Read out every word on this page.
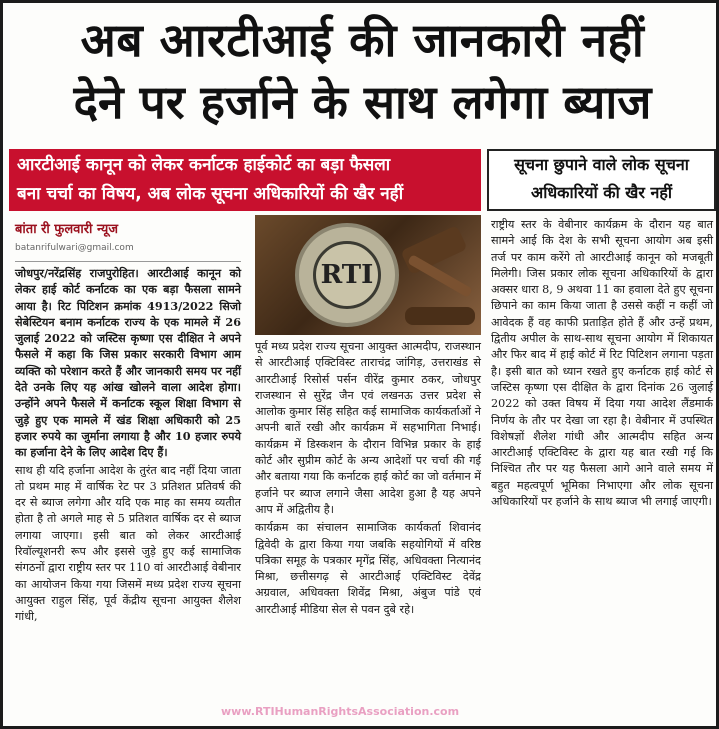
अब आरटीआई की जानकारी नहीं
देने पर हर्जाने के साथ लगेगा ब्याज
आरटीआई कानून को लेकर कर्नाटक हाईकोर्ट का बड़ा फैसला
बना चर्चा का विषय, अब लोक सूचना अधिकारियों की खैर नहीं
सूचना छुपाने वाले लोक सूचना
अधिकारियों की खैर नहीं
बांता री फुलवारी न्यूज
batanrifulwari@gmail.com

जोधपुर/नरेंद्रसिंह राजपुरोहित। आरटीआई कानून को लेकर हाई कोर्ट कर्नाटक का एक बड़ा फैसला सामने आया है। रिट पिटिशन क्रमांक 4913/2022 सिजो सेबेस्टियन बनाम कर्नाटक राज्य के एक मामले में 26 जुलाई 2022 को जस्टिस कृष्णा एस दीक्षित ने अपने फैसले में कहा कि जिस प्रकार सरकारी विभाग आम व्यक्ति को परेशान करते हैं और जानकारी समय पर नहीं देते उनके लिए यह आंख खोलने वाला आदेश होगा। उन्होंने अपने फैसले में कर्नाटक स्कूल शिक्षा विभाग से जुड़े हुए एक मामले में खंड शिक्षा अधिकारी को 25 हजार रुपये का जुर्माना लगाया है और 10 हजार रुपये का हर्जाना देने के लिए आदेश दिए हैं।

साथ ही यदि हर्जाना आदेश के तुरंत बाद नहीं दिया जाता तो प्रथम माह में वार्षिक रेट पर 3 प्रतिशत प्रतिवर्ष की दर से ब्याज लगेगा और यदि एक माह का समय व्यतीत होता है तो अगले माह से 5 प्रतिशत वार्षिक दर से ब्याज लगाया जाएगा। इसी बात को लेकर आरटीआई रिवॉल्यूशनरी रूप और इससे जुड़े हुए कई सामाजिक संगठनों द्वारा राष्ट्रीय स्तर पर 110 वां आरटीआई वेबीनार का आयोजन किया गया जिसमें मध्य प्रदेश राज्य सूचना आयुक्त राहुल सिंह, पूर्व केंद्रीय सूचना आयुक्त शैलेश गांधी,

RTI

पूर्व मध्य प्रदेश राज्य सूचना आयुक्त आत्मदीप, राजस्थान से आरटीआई एक्टिविस्ट ताराचंद्र जांगिड़, उत्तराखंड से आरटीआई रिसोर्स पर्सन वीरेंद्र कुमार ठकर, जोधपुर राजस्थान से सुरेंद्र जैन एवं लखनऊ उत्तर प्रदेश से आलोक कुमार सिंह सहित कई सामाजिक कार्यकर्ताओं ने अपनी बातें रखी और कार्यक्रम में सहभागिता निभाई। कार्यक्रम में डिस्कशन के दौरान विभिन्न प्रकार के हाई कोर्ट और सुप्रीम कोर्ट के अन्य आदेशों पर चर्चा की गई और बताया गया कि कर्नाटक हाई कोर्ट का जो वर्तमान में हर्जाने पर ब्याज लगाने जैसा आदेश हुआ है यह अपने आप में अद्वितीय है।

कार्यक्रम का संचालन सामाजिक कार्यकर्ता शिवानंद द्विवेदी के द्वारा किया गया जबकि सहयोगियों में वरिष्ठ पत्रिका समूह के पत्रकार मृगेंद्र सिंह, अधिवक्ता नित्यानंद मिश्रा, छत्तीसगढ़ से आरटीआई एक्टिविस्ट देवेंद्र अग्रवाल, अधिवक्ता शिवेंद्र मिश्रा, अंबुज पांडे एवं आरटीआई मीडिया सेल से पवन दुबे रहे।

राष्ट्रीय स्तर के वेबीनार कार्यक्रम के दौरान यह बात सामने आई कि देश के सभी सूचना आयोग अब इसी तर्ज पर काम करेंगे तो आरटीआई कानून को मजबूती मिलेगी। जिस प्रकार लोक सूचना अधिकारियों के द्वारा अक्सर धारा 8, 9 अथवा 11 का हवाला देते हुए सूचना छिपाने का काम किया जाता है उससे कहीं न कहीं जो आवेदक हैं वह काफी प्रताड़ित होते हैं और उन्हें प्रथम, द्वितीय अपील के साथ-साथ सूचना आयोग में शिकायत और फिर बाद में हाई कोर्ट में रिट पिटिशन लगाना पड़ता है। इसी बात को ध्यान रखते हुए कर्नाटक हाई कोर्ट से जस्टिस कृष्णा एस दीक्षित के द्वारा दिनांक 26 जुलाई 2022 को उक्त विषय में दिया गया आदेश लैंडमार्क निर्णय के तौर पर देखा जा रहा है। वेबीनार में उपस्थित विशेषज्ञों शैलेश गांधी और आत्मदीप सहित अन्य आरटीआई एक्टिविस्ट के द्वारा यह बात रखी गई कि निश्चित तौर पर यह फैसला आगे आने वाले समय में बहुत महत्वपूर्ण भूमिका निभाएगा और लोक सूचना अधिकारियों पर हर्जाने के साथ ब्याज भी लगाई जाएगी।

www.RTIHumanRightsAssociation.com
